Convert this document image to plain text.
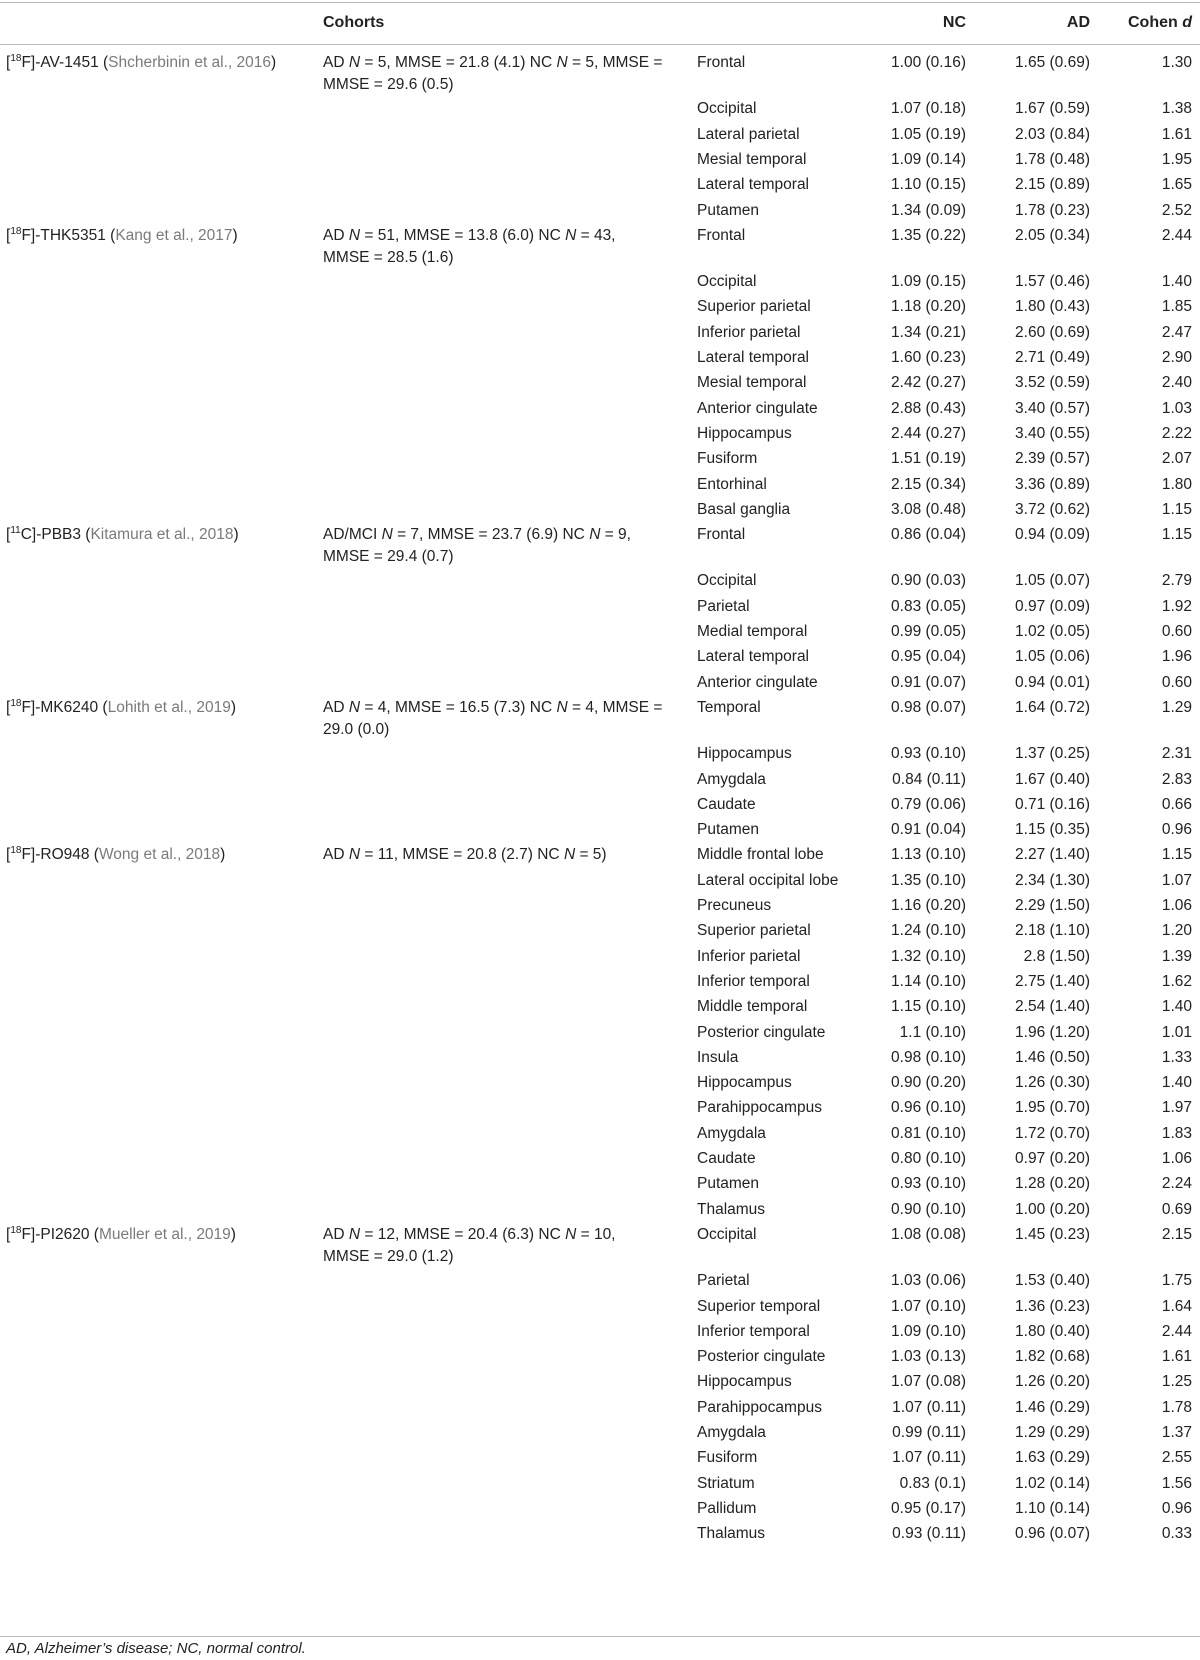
Cohorts	NC	AD	Cohen d
[$^{18}$F]-AV-1451 (Shcherbinin et al., 2016)	AD N = 5, MMSE = 21.8 (4.1) NC N = 5, MMSE = MMSE = 29.6 (0.5)
Frontal	1.00 (0.16)	1.65 (0.69)	1.30
Occipital	1.07 (0.18)	1.67 (0.59)	1.38
Lateral parietal	1.05 (0.19)	2.03 (0.84)	1.61
Mesial temporal	1.09 (0.14)	1.78 (0.48)	1.95
Lateral temporal	1.10 (0.15)	2.15 (0.89)	1.65
Putamen	1.34 (0.09)	1.78 (0.23)	2.52
[$^{18}$F]-THK5351 (Kang et al., 2017)	AD N = 51, MMSE = 13.8 (6.0) NC N = 43, MMSE = 28.5 (1.6)
Frontal	1.35 (0.22)	2.05 (0.34)	2.44
Occipital	1.09 (0.15)	1.57 (0.46)	1.40
Superior parietal	1.18 (0.20)	1.80 (0.43)	1.85
Inferior parietal	1.34 (0.21)	2.60 (0.69)	2.47
Lateral temporal	1.60 (0.23)	2.71 (0.49)	2.90
Mesial temporal	2.42 (0.27)	3.52 (0.59)	2.40
Anterior cingulate	2.88 (0.43)	3.40 (0.57)	1.03
Hippocampus	2.44 (0.27)	3.40 (0.55)	2.22
Fusiform	1.51 (0.19)	2.39 (0.57)	2.07
Entorhinal	2.15 (0.34)	3.36 (0.89)	1.80
Basal ganglia	3.08 (0.48)	3.72 (0.62)	1.15
[$^{11}$C]-PBB3 (Kitamura et al., 2018)	AD/MCI N = 7, MMSE = 23.7 (6.9) NC N = 9, MMSE = 29.4 (0.7)
Frontal	0.86 (0.04)	0.94 (0.09)	1.15
Occipital	0.90 (0.03)	1.05 (0.07)	2.79
Parietal	0.83 (0.05)	0.97 (0.09)	1.92
Medial temporal	0.99 (0.05)	1.02 (0.05)	0.60
Lateral temporal	0.95 (0.04)	1.05 (0.06)	1.96
Anterior cingulate	0.91 (0.07)	0.94 (0.01)	0.60
[$^{18}$F]-MK6240 (Lohith et al., 2019)	AD N = 4, MMSE = 16.5 (7.3) NC N = 4, MMSE = 29.0 (0.0)
Temporal	0.98 (0.07)	1.64 (0.72)	1.29
Hippocampus	0.93 (0.10)	1.37 (0.25)	2.31
Amygdala	0.84 (0.11)	1.67 (0.40)	2.83
Caudate	0.79 (0.06)	0.71 (0.16)	0.66
Putamen	0.91 (0.04)	1.15 (0.35)	0.96
[$^{18}$F]-RO948 (Wong et al., 2018)	AD N = 11, MMSE = 20.8 (2.7) NC N = 5)	Middle frontal lobe	1.13 (0.10)	2.27 (1.40)	1.15
Lateral occipital lobe	1.35 (0.10)	2.34 (1.30)	1.07
Precuneus	1.16 (0.20)	2.29 (1.50)	1.06
Superior parietal	1.24 (0.10)	2.18 (1.10)	1.20
Inferior parietal	1.32 (0.10)	2.8 (1.50)	1.39
Inferior temporal	1.14 (0.10)	2.75 (1.40)	1.62
Middle temporal	1.15 (0.10)	2.54 (1.40)	1.40
Posterior cingulate	1.1 (0.10)	1.96 (1.20)	1.01
Insula	0.98 (0.10)	1.46 (0.50)	1.33
Hippocampus	0.90 (0.20)	1.26 (0.30)	1.40
Parahippocampus	0.96 (0.10)	1.95 (0.70)	1.97
Amygdala	0.81 (0.10)	1.72 (0.70)	1.83
Caudate	0.80 (0.10)	0.97 (0.20)	1.06
Putamen	0.93 (0.10)	1.28 (0.20)	2.24
Thalamus	0.90 (0.10)	1.00 (0.20)	0.69
[$^{18}$F]-PI2620 (Mueller et al., 2019)	AD N = 12, MMSE = 20.4 (6.3) NC N = 10, MMSE = 29.0 (1.2)
Occipital	1.08 (0.08)	1.45 (0.23)	2.15
Parietal	1.03 (0.06)	1.53 (0.40)	1.75
Superior temporal	1.07 (0.10)	1.36 (0.23)	1.64
Inferior temporal	1.09 (0.10)	1.80 (0.40)	2.44
Posterior cingulate	1.03 (0.13)	1.82 (0.68)	1.61
Hippocampus	1.07 (0.08)	1.26 (0.20)	1.25
Parahippocampus	1.07 (0.11)	1.46 (0.29)	1.78
Amygdala	0.99 (0.11)	1.29 (0.29)	1.37
Fusiform	1.07 (0.11)	1.63 (0.29)	2.55
Striatum	0.83 (0.1)	1.02 (0.14)	1.56
Pallidum	0.95 (0.17)	1.10 (0.14)	0.96
Thalamus	0.93 (0.11)	0.96 (0.07)	0.33
AD, Alzheimer’s disease; NC, normal control.
